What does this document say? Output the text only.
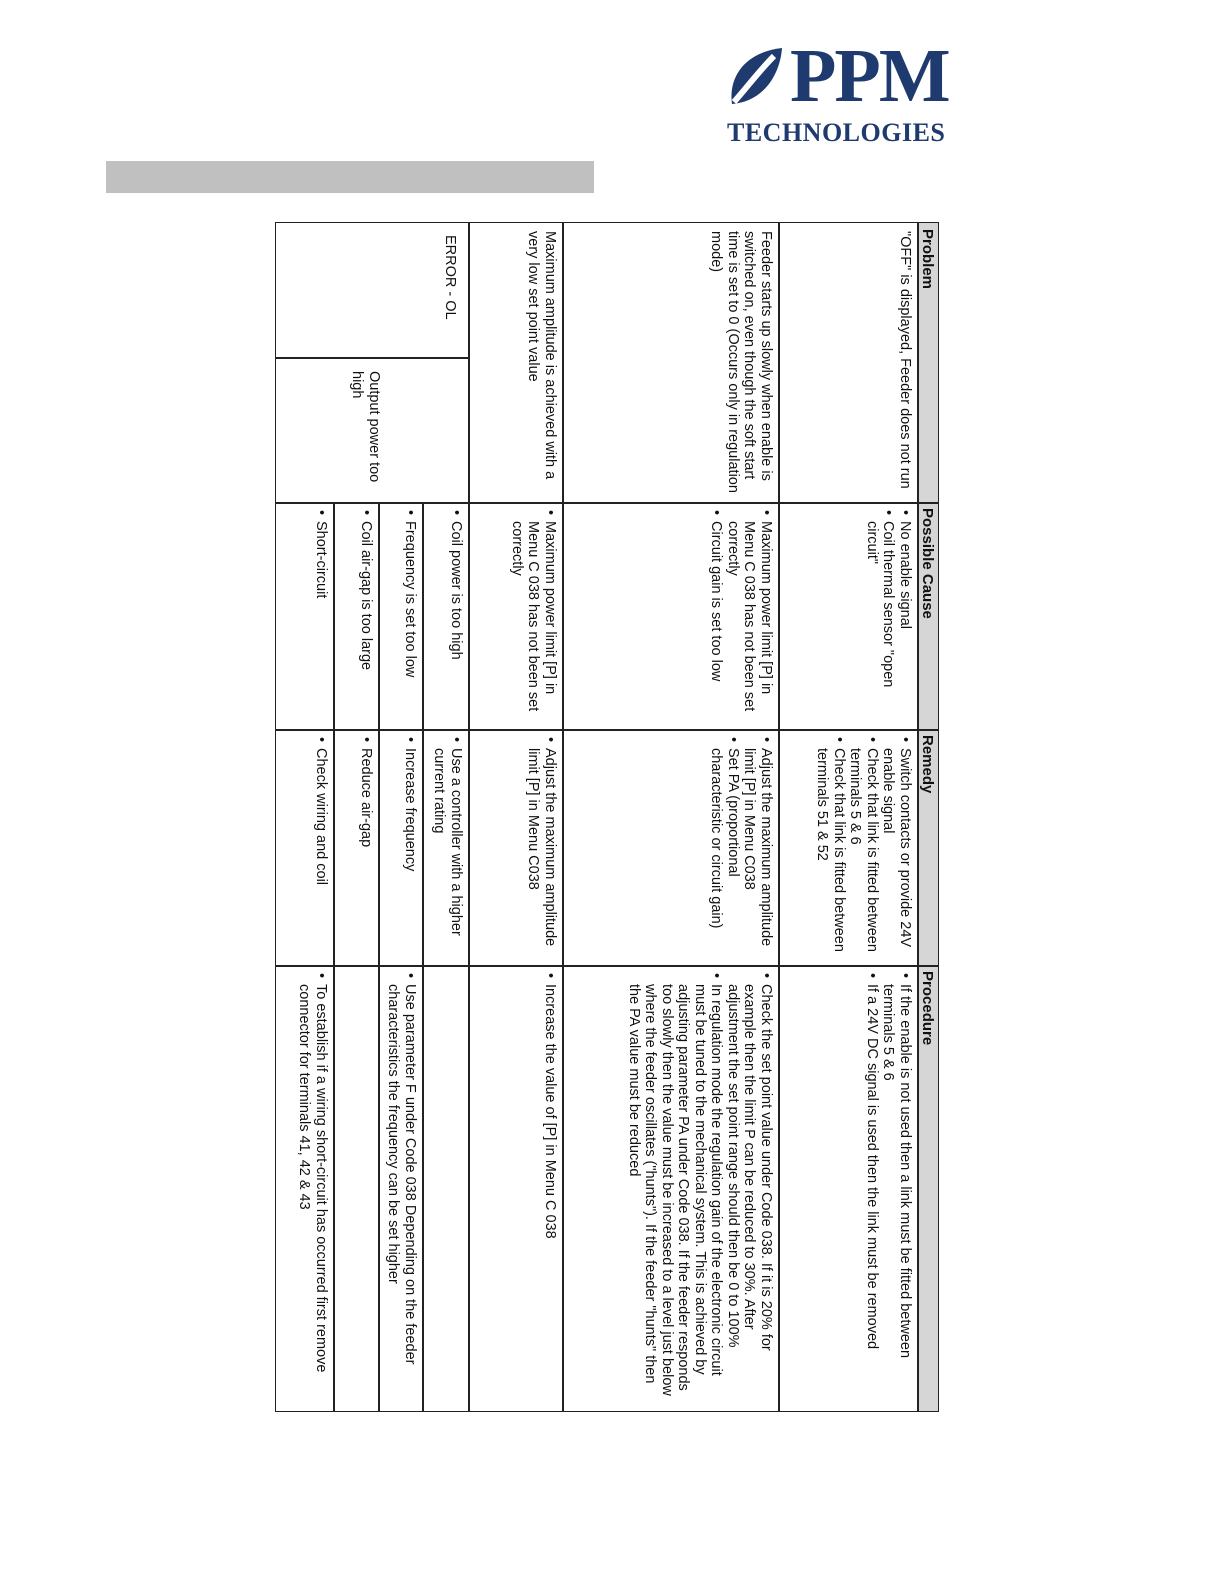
PPM
TECHNOLOGIES
Problem
Possible Cause
Remedy
Procedure
"OFF" is displayed, Feeder does not run
• No enable signal
• Coil thermal sensor "open circuit"
• Switch contacts or provide 24V enable signal
• Check that link is fitted between terminals 5 & 6
• Check that link is fitted between terminals 51 & 52
• If the enable is not used then a link must be fitted between terminals 5 & 6
• If a 24V DC signal is used then the link must be removed
Feeder starts up slowly when enable is switched on, even though the soft start time is set to 0 (Occurs only in regulation mode)
• Maximum power limit [P] in Menu C 038 has not been set correctly
• Circuit gain is set too low
• Adjust the maximum amplitude limit [P] in Menu C038
• Set PA (proportional characteristic or circuit gain)
• Check the set point value under Code 038. If it is 20% for example then the limit P can be reduced to 30%. After adjustment the set point range should then be 0 to 100%
• In regulation mode the regulation gain of the electronic circuit must be tuned to the mechanical system. This is achieved by adjusting parameter PA under Code 038. If the feeder responds too slowly then the value must be increased to a level just below where the feeder oscillates ("hunts"). If the feeder "hunts" then the PA value must be reduced
Maximum amplitude is achieved with a very low set point value
• Maximum power limit [P] in Menu C 038 has not been set correctly
• Adjust the maximum amplitude limit [P] in Menu C038
• Increase the value of [P] in Menu C 038
ERROR - OL
Output power too high
• Coil power is too high
• Use a controller with a higher current rating
• Frequency is set too low
• Increase frequency
• Use parameter F under Code 038 Depending on the feeder characteristics the frequency can be set higher
• Coil air-gap is too large
• Reduce air-gap
• Short-circuit
• Check wiring and coil
• To establish if a wiring short-circuit has occurred first remove connector for terminals 41, 42 & 43
